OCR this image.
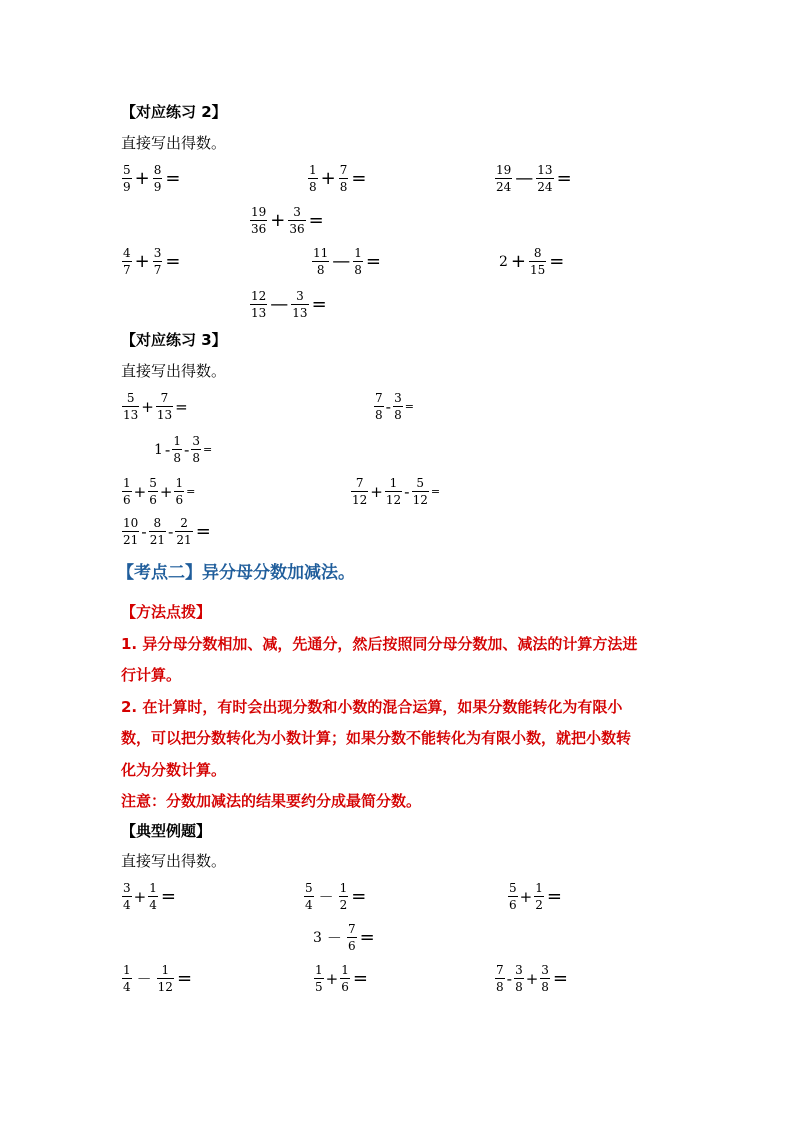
【对应练习 2】
直接写出得数。
$\frac{5}{9} + \frac{8}{9}$ =	$\frac{1}{8} + \frac{7}{8}$ =	$\frac{19}{24}$ — $\frac{13}{24}$ =
$\frac{19}{36} + \frac{3}{36}$ =
$\frac{4}{7} + \frac{3}{7}$ =	$\frac{11}{8}$ — $\frac{1}{8}$ =	$2 + \frac{8}{15}$ =
$\frac{12}{13}$ — $\frac{3}{13}$ =
【对应练习 3】
直接写出得数。
$\frac{5}{13} + \frac{7}{13}$ =	$\frac{7}{8} - \frac{3}{8}$ =
$1 - \frac{1}{8} - \frac{3}{8}$ =
$\frac{1}{6} + \frac{5}{6} + \frac{1}{6}$ =	$\frac{7}{12} + \frac{1}{12} - \frac{5}{12}$ =
$\frac{10}{21} - \frac{8}{21} - \frac{2}{21}$ =
【考点二】异分母分数加减法。
【方法点拨】
1. 异分母分数相加、减，先通分，然后按照同分母分数加、减法的计算方法进
行计算。
2. 在计算时，有时会出现分数和小数的混合运算，如果分数能转化为有限小
数，可以把分数转化为小数计算；如果分数不能转化为有限小数，就把小数转
化为分数计算。
注意：分数加减法的结果要约分成最简分数。
【典型例题】
直接写出得数。
$\frac{3}{4} + \frac{1}{4}$ =	$\frac{5}{4} - \frac{1}{2}$ =	$\frac{5}{6} + \frac{1}{2}$ =
$3 - \frac{7}{6}$ =
$\frac{1}{4} - \frac{1}{12}$ =	$\frac{1}{5} + \frac{1}{6}$ =	$\frac{7}{8} - \frac{3}{8} + \frac{3}{8}$ =
